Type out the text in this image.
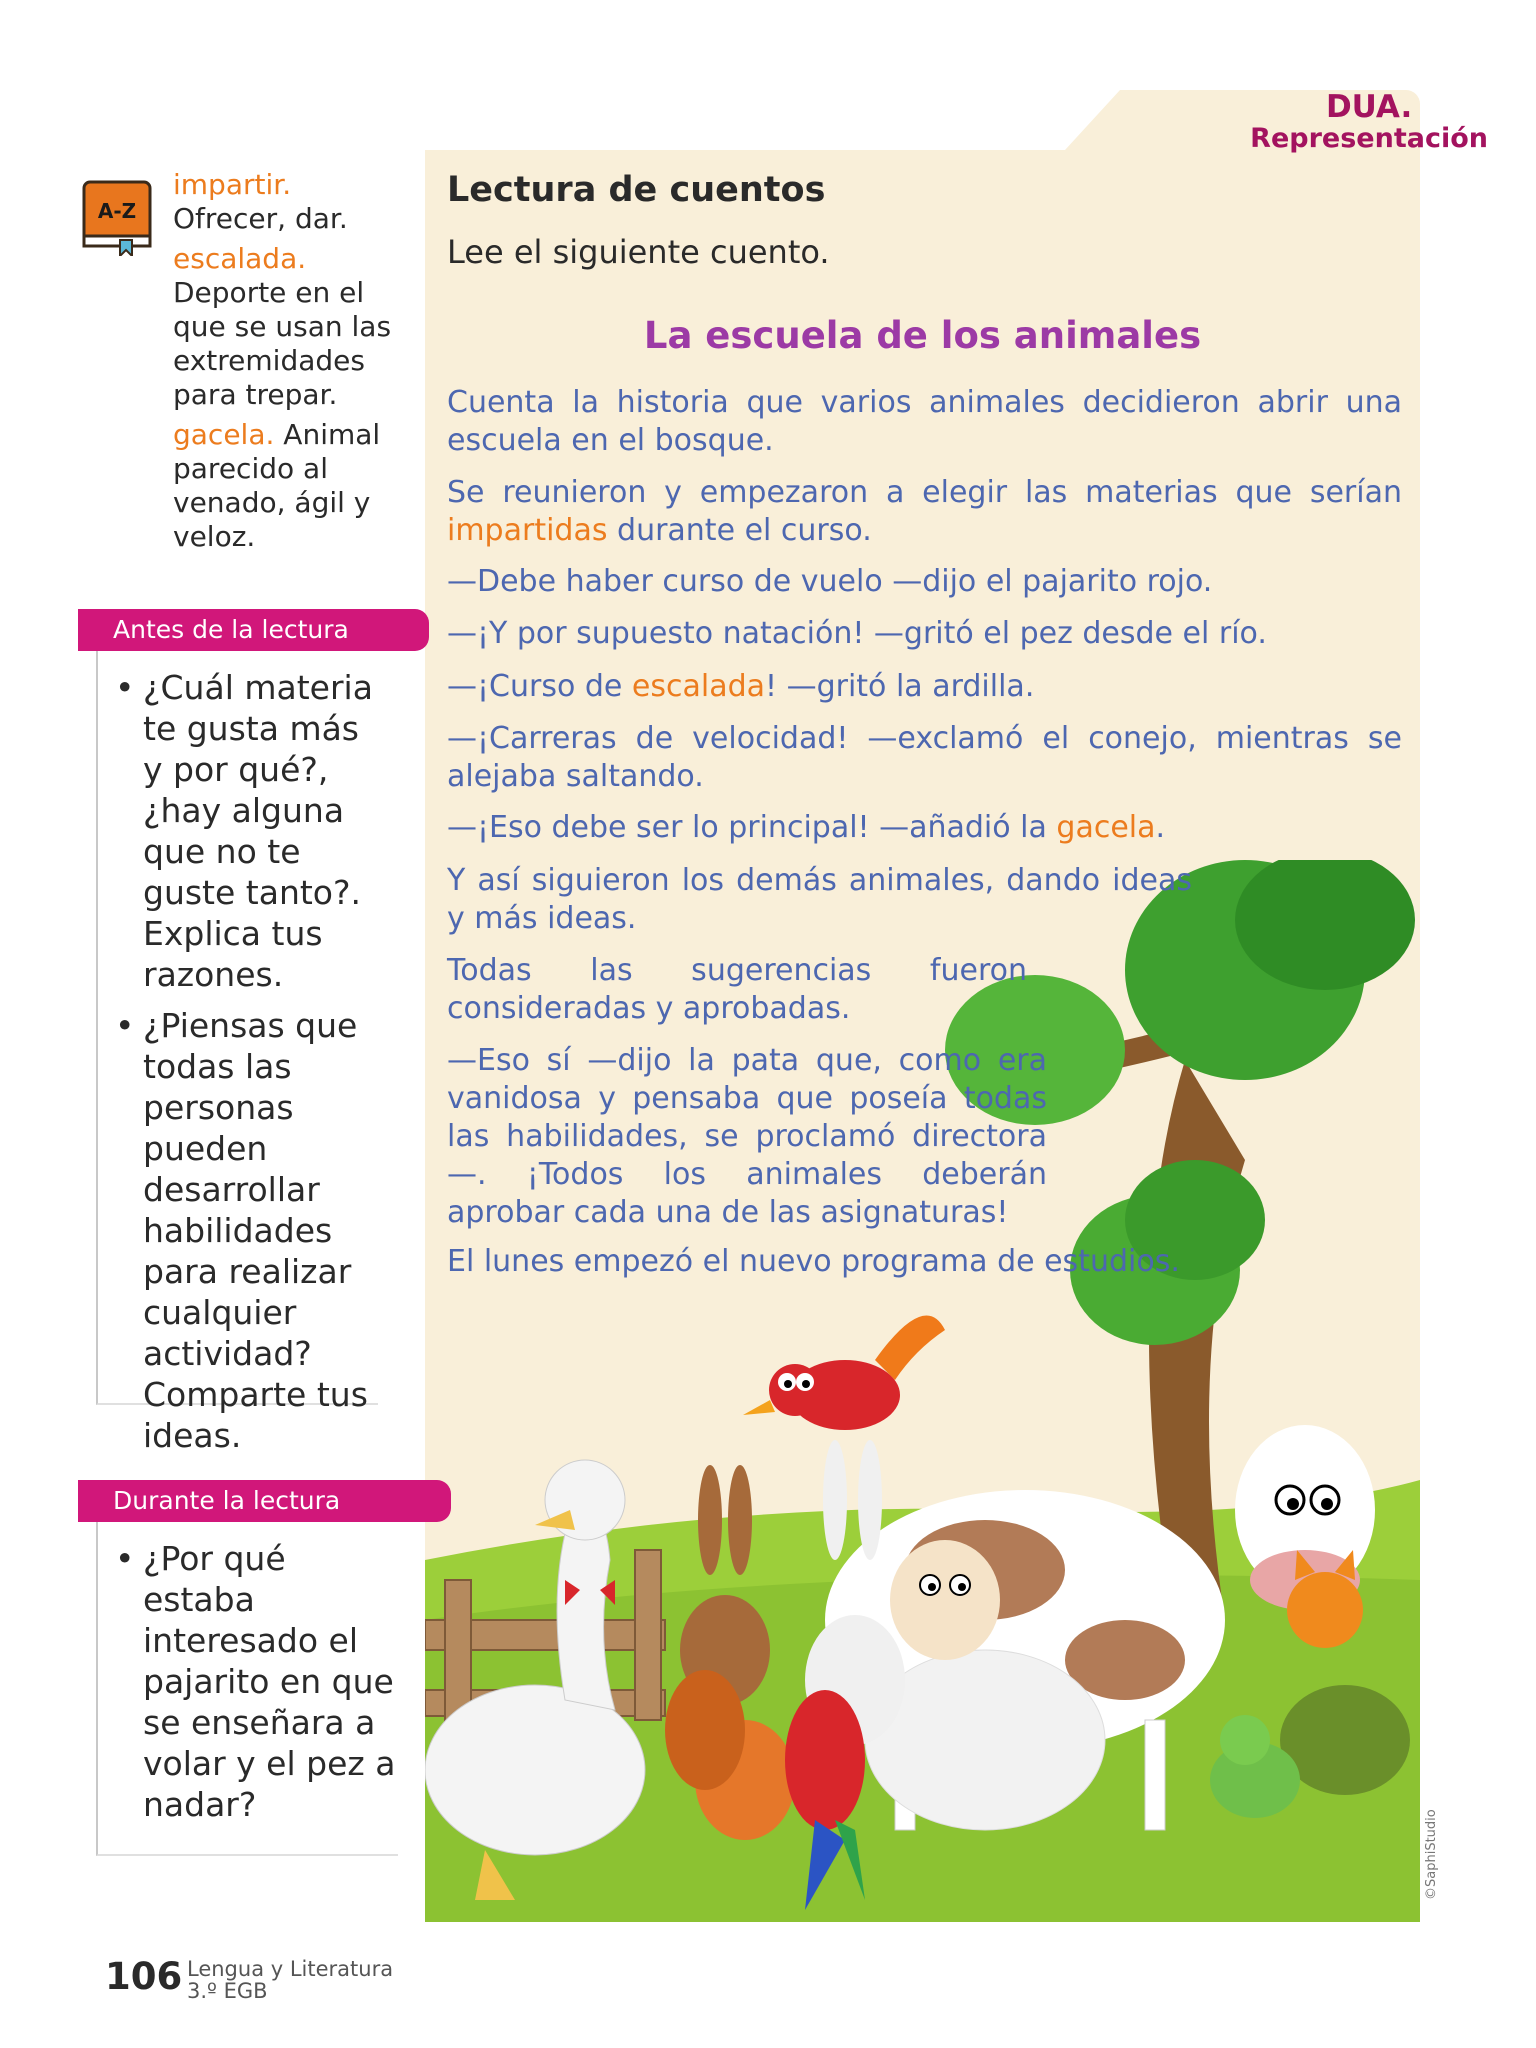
DUA.
Representación
A-Z

impartir. Ofrecer, dar.

escalada. Deporte en el que se usan las extremidades para trepar.

gacela. Animal parecido al venado, ágil y veloz.

Antes de la lectura
• ¿Cuál materia te gusta más y por qué?, ¿hay alguna que no te guste tanto?. Explica tus razones.
• ¿Piensas que todas las personas pueden desarrollar habilidades para realizar cualquier actividad? Comparte tus ideas.
Durante la lectura
• ¿Por qué estaba interesado el pajarito en que se enseñara a volar y el pez a nadar?
Lectura de cuentos
Lee el siguiente cuento.
La escuela de los animales

Cuenta la historia que varios animales decidieron abrir una escuela en el bosque.

Se reunieron y empezaron a elegir las materias que serían impartidas durante el curso.

—Debe haber curso de vuelo —dijo el pajarito rojo.

—¡Y por supuesto natación! —gritó el pez desde el río.

—¡Curso de escalada! —gritó la ardilla.

—¡Carreras de velocidad! —exclamó el conejo, mientras se alejaba saltando.

—¡Eso debe ser lo principal! —añadió la gacela.

Y así siguieron los demás animales, dando ideas y más ideas.

Todas las sugerencias fueron consideradas y aprobadas.

—Eso sí —dijo la pata que, como era vanidosa y pensaba que poseía todas las habilidades, se proclamó directora—. ¡Todos los animales deberán aprobar cada una de las asignaturas!

El lunes empezó el nuevo programa de estudios.

©SaphiStudio
106 Lengua y Literatura
3.º EGB
